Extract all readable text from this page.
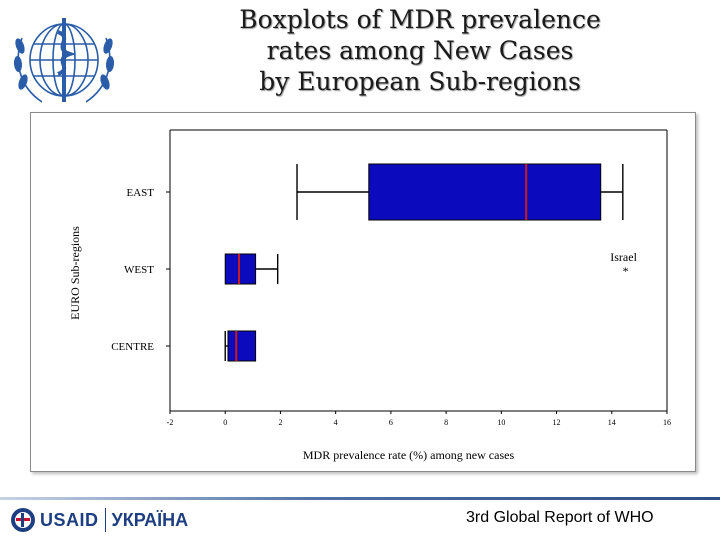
Boxplots of MDR prevalence
rates among New Cases
by European Sub-regions
-2	0	2	4	6	8	10	12	14	16
EAST
WEST
CENTRE
*
Israel
MDR prevalence rate (%) among new cases
EURO Sub-regions
USAID УКРАЇНА	3rd Global Report of WHO
